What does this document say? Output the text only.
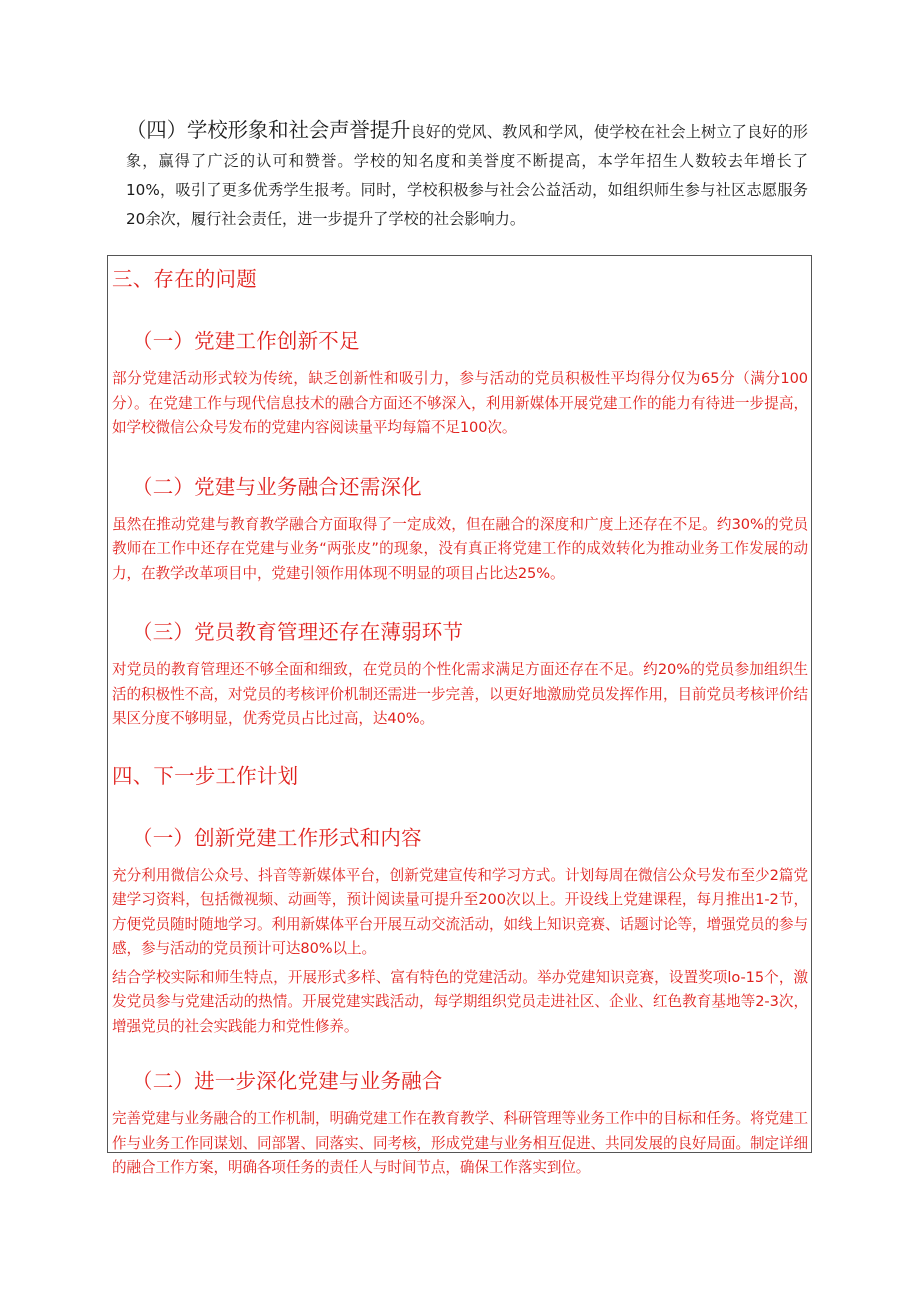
（四）学校形象和社会声誉提升良好的党风、教风和学风，使学校在社会上树立了良好的形象，赢得了广泛的认可和赞誉。学校的知名度和美誉度不断提高，本学年招生人数较去年增长了10%，吸引了更多优秀学生报考。同时，学校积极参与社会公益活动，如组织师生参与社区志愿服务20余次，履行社会责任，进一步提升了学校的社会影响力。
三、存在的问题
（一）党建工作创新不足

部分党建活动形式较为传统，缺乏创新性和吸引力，参与活动的党员积极性平均得分仅为65分（满分100分）。在党建工作与现代信息技术的融合方面还不够深入，利用新媒体开展党建工作的能力有待进一步提高，如学校微信公众号发布的党建内容阅读量平均每篇不足100次。

（二）党建与业务融合还需深化

虽然在推动党建与教育教学融合方面取得了一定成效，但在融合的深度和广度上还存在不足。约30%的党员教师在工作中还存在党建与业务“两张皮”的现象，没有真正将党建工作的成效转化为推动业务工作发展的动力，在教学改革项目中，党建引领作用体现不明显的项目占比达25%。

（三）党员教育管理还存在薄弱环节

对党员的教育管理还不够全面和细致，在党员的个性化需求满足方面还存在不足。约20%的党员参加组织生活的积极性不高，对党员的考核评价机制还需进一步完善，以更好地激励党员发挥作用，目前党员考核评价结果区分度不够明显，优秀党员占比过高，达40%。

四、下一步工作计划
（一）创新党建工作形式和内容

充分利用微信公众号、抖音等新媒体平台，创新党建宣传和学习方式。计划每周在微信公众号发布至少2篇党建学习资料，包括微视频、动画等，预计阅读量可提升至200次以上。开设线上党建课程，每月推出1-2节，方便党员随时随地学习。利用新媒体平台开展互动交流活动，如线上知识竞赛、话题讨论等，增强党员的参与感，参与活动的党员预计可达80%以上。

结合学校实际和师生特点，开展形式多样、富有特色的党建活动。举办党建知识竞赛，设置奖项lo-15个，激发党员参与党建活动的热情。开展党建实践活动，每学期组织党员走进社区、企业、红色教育基地等2-3次，增强党员的社会实践能力和党性修养。

（二）进一步深化党建与业务融合

完善党建与业务融合的工作机制，明确党建工作在教育教学、科研管理等业务工作中的目标和任务。将党建工作与业务工作同谋划、同部署、同落实、同考核，形成党建与业务相互促进、共同发展的良好局面。制定详细的融合工作方案，明确各项任务的责任人与时间节点，确保工作落实到位。
